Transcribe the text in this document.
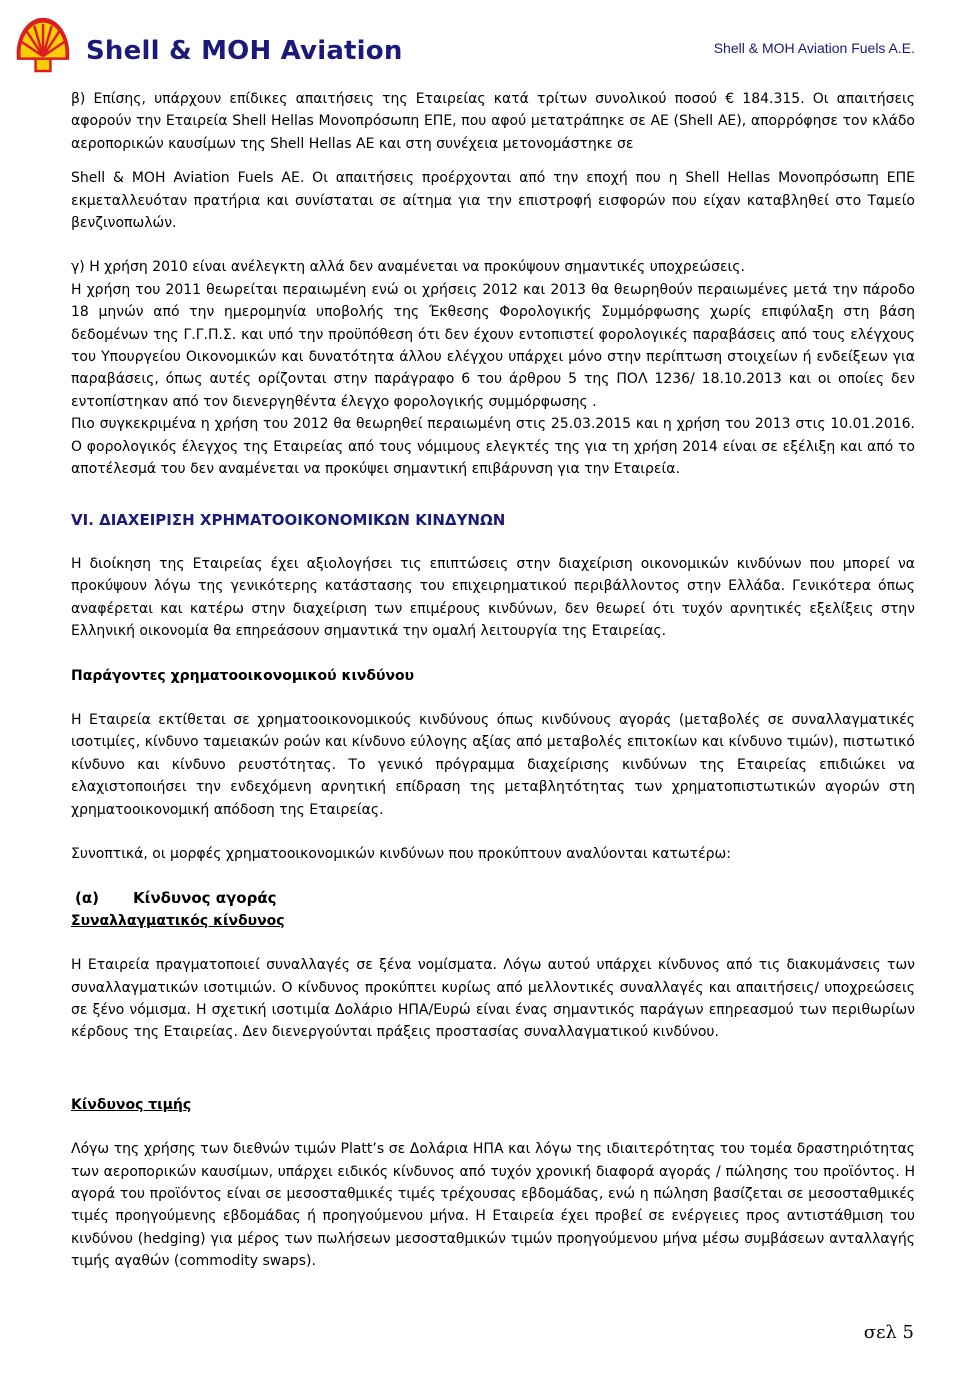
Shell & MOH Aviation	Shell & MOH Aviation Fuels A.E.

β) Επίσης, υπάρχουν επίδικες απαιτήσεις της Εταιρείας κατά τρίτων συνολικού ποσού € 184.315. Οι απαιτήσεις αφορούν την Εταιρεία Shell Hellas Μονοπρόσωπη ΕΠΕ, που αφού μετατράπηκε σε ΑΕ (Shell AE), απορρόφησε τον κλάδο αεροπορικών καυσίμων της Shell Hellas ΑΕ και στη συνέχεια μετονομάστηκε σε

Shell & MOH Aviation Fuels AE. Οι απαιτήσεις προέρχονται από την εποχή που η Shell Hellas Μονοπρόσωπη ΕΠΕ εκμεταλλευόταν πρατήρια και συνίσταται σε αίτημα για την επιστροφή εισφορών που είχαν καταβληθεί στο Ταμείο βενζινοπωλών.

γ) Η χρήση 2010 είναι ανέλεγκτη αλλά δεν αναμένεται να προκύψουν σημαντικές υποχρεώσεις.

Η χρήση του 2011 θεωρείται περαιωμένη ενώ οι χρήσεις 2012 και 2013 θα θεωρηθούν περαιωμένες μετά την πάροδο 18 μηνών από την ημερομηνία υποβολής της Έκθεσης Φορολογικής Συμμόρφωσης χωρίς επιφύλαξη στη βάση δεδομένων της Γ.Γ.Π.Σ. και υπό την προϋπόθεση ότι δεν έχουν εντοπιστεί φορολογικές παραβάσεις από τους ελέγχους του Υπουργείου Οικονομικών και δυνατότητα άλλου ελέγχου υπάρχει μόνο στην περίπτωση στοιχείων ή ενδείξεων για παραβάσεις, όπως αυτές ορίζονται στην παράγραφο 6 του άρθρου 5 της ΠΟΛ 1236/ 18.10.2013 και οι οποίες δεν εντοπίστηκαν από τον διενεργηθέντα έλεγχο φορολογικής συμμόρφωσης .

Πιο συγκεκριμένα η χρήση του 2012 θα θεωρηθεί περαιωμένη στις 25.03.2015 και η χρήση του 2013 στις 10.01.2016. Ο φορολογικός έλεγχος της Εταιρείας από τους νόμιμους ελεγκτές της για τη χρήση 2014 είναι σε εξέλιξη και από το αποτέλεσμά του δεν αναμένεται να προκύψει σημαντική επιβάρυνση για την Εταιρεία.

VI. ΔΙΑΧΕΙΡΙΣΗ ΧΡΗΜΑΤΟΟΙΚΟΝΟΜΙΚΩΝ ΚΙΝΔΥΝΩΝ

Η διοίκηση της Εταιρείας έχει αξιολογήσει τις επιπτώσεις στην διαχείριση οικονομικών κινδύνων που μπορεί να προκύψουν λόγω της γενικότερης κατάστασης του επιχειρηματικού περιβάλλοντος στην Ελλάδα. Γενικότερα όπως αναφέρεται και κατέρω στην διαχείριση των επιμέρους κινδύνων, δεν θεωρεί ότι τυχόν αρνητικές εξελίξεις στην Ελληνική οικονομία θα επηρεάσουν σημαντικά την ομαλή λειτουργία της Εταιρείας.

Παράγοντες χρηματοοικονομικού κινδύνου

Η Εταιρεία εκτίθεται σε χρηματοοικονομικούς κινδύνους όπως κινδύνους αγοράς (μεταβολές σε συναλλαγματικές ισοτιμίες, κίνδυνο ταμειακών ροών και κίνδυνο εύλογης αξίας από μεταβολές επιτοκίων και κίνδυνο τιμών), πιστωτικό κίνδυνο και κίνδυνο ρευστότητας. Το γενικό πρόγραμμα διαχείρισης κινδύνων της Εταιρείας επιδιώκει να ελαχιστοποιήσει την ενδεχόμενη αρνητική επίδραση της μεταβλητότητας των χρηματοπιστωτικών αγορών στη χρηματοοικονομική απόδοση της Εταιρείας.

Συνοπτικά, οι μορφές χρηματοοικονομικών κινδύνων που προκύπτουν αναλύονται κατωτέρω:

(α) Κίνδυνος αγοράς

Συναλλαγματικός κίνδυνος

Η Εταιρεία πραγματοποιεί συναλλαγές σε ξένα νομίσματα. Λόγω αυτού υπάρχει κίνδυνος από τις διακυμάνσεις των συναλλαγματικών ισοτιμιών. Ο κίνδυνος προκύπτει κυρίως από μελλοντικές συναλλαγές και απαιτήσεις/ υποχρεώσεις σε ξένο νόμισμα. Η σχετική ισοτιμία Δολάριο ΗΠΑ/Ευρώ είναι ένας σημαντικός παράγων επηρεασμού των περιθωρίων κέρδους της Εταιρείας. Δεν διενεργούνται πράξεις προστασίας συναλλαγματικού κινδύνου.

Κίνδυνος τιμής

Λόγω της χρήσης των διεθνών τιμών Platt’s σε Δολάρια ΗΠΑ και λόγω της ιδιαιτερότητας του τομέα δραστηριότητας των αεροπορικών καυσίμων, υπάρχει ειδικός κίνδυνος από τυχόν χρονική διαφορά αγοράς / πώλησης του προϊόντος. Η αγορά του προϊόντος είναι σε μεσοσταθμικές τιμές τρέχουσας εβδομάδας, ενώ η πώληση βασίζεται σε μεσοσταθμικές τιμές προηγούμενης εβδομάδας ή προηγούμενου μήνα. Η Εταιρεία έχει προβεί σε ενέργειες προς αντιστάθμιση του κινδύνου (hedging) για μέρος των πωλήσεων μεσοσταθμικών τιμών προηγούμενου μήνα μέσω συμβάσεων ανταλλαγής τιμής αγαθών (commodity swaps).

σελ 5
